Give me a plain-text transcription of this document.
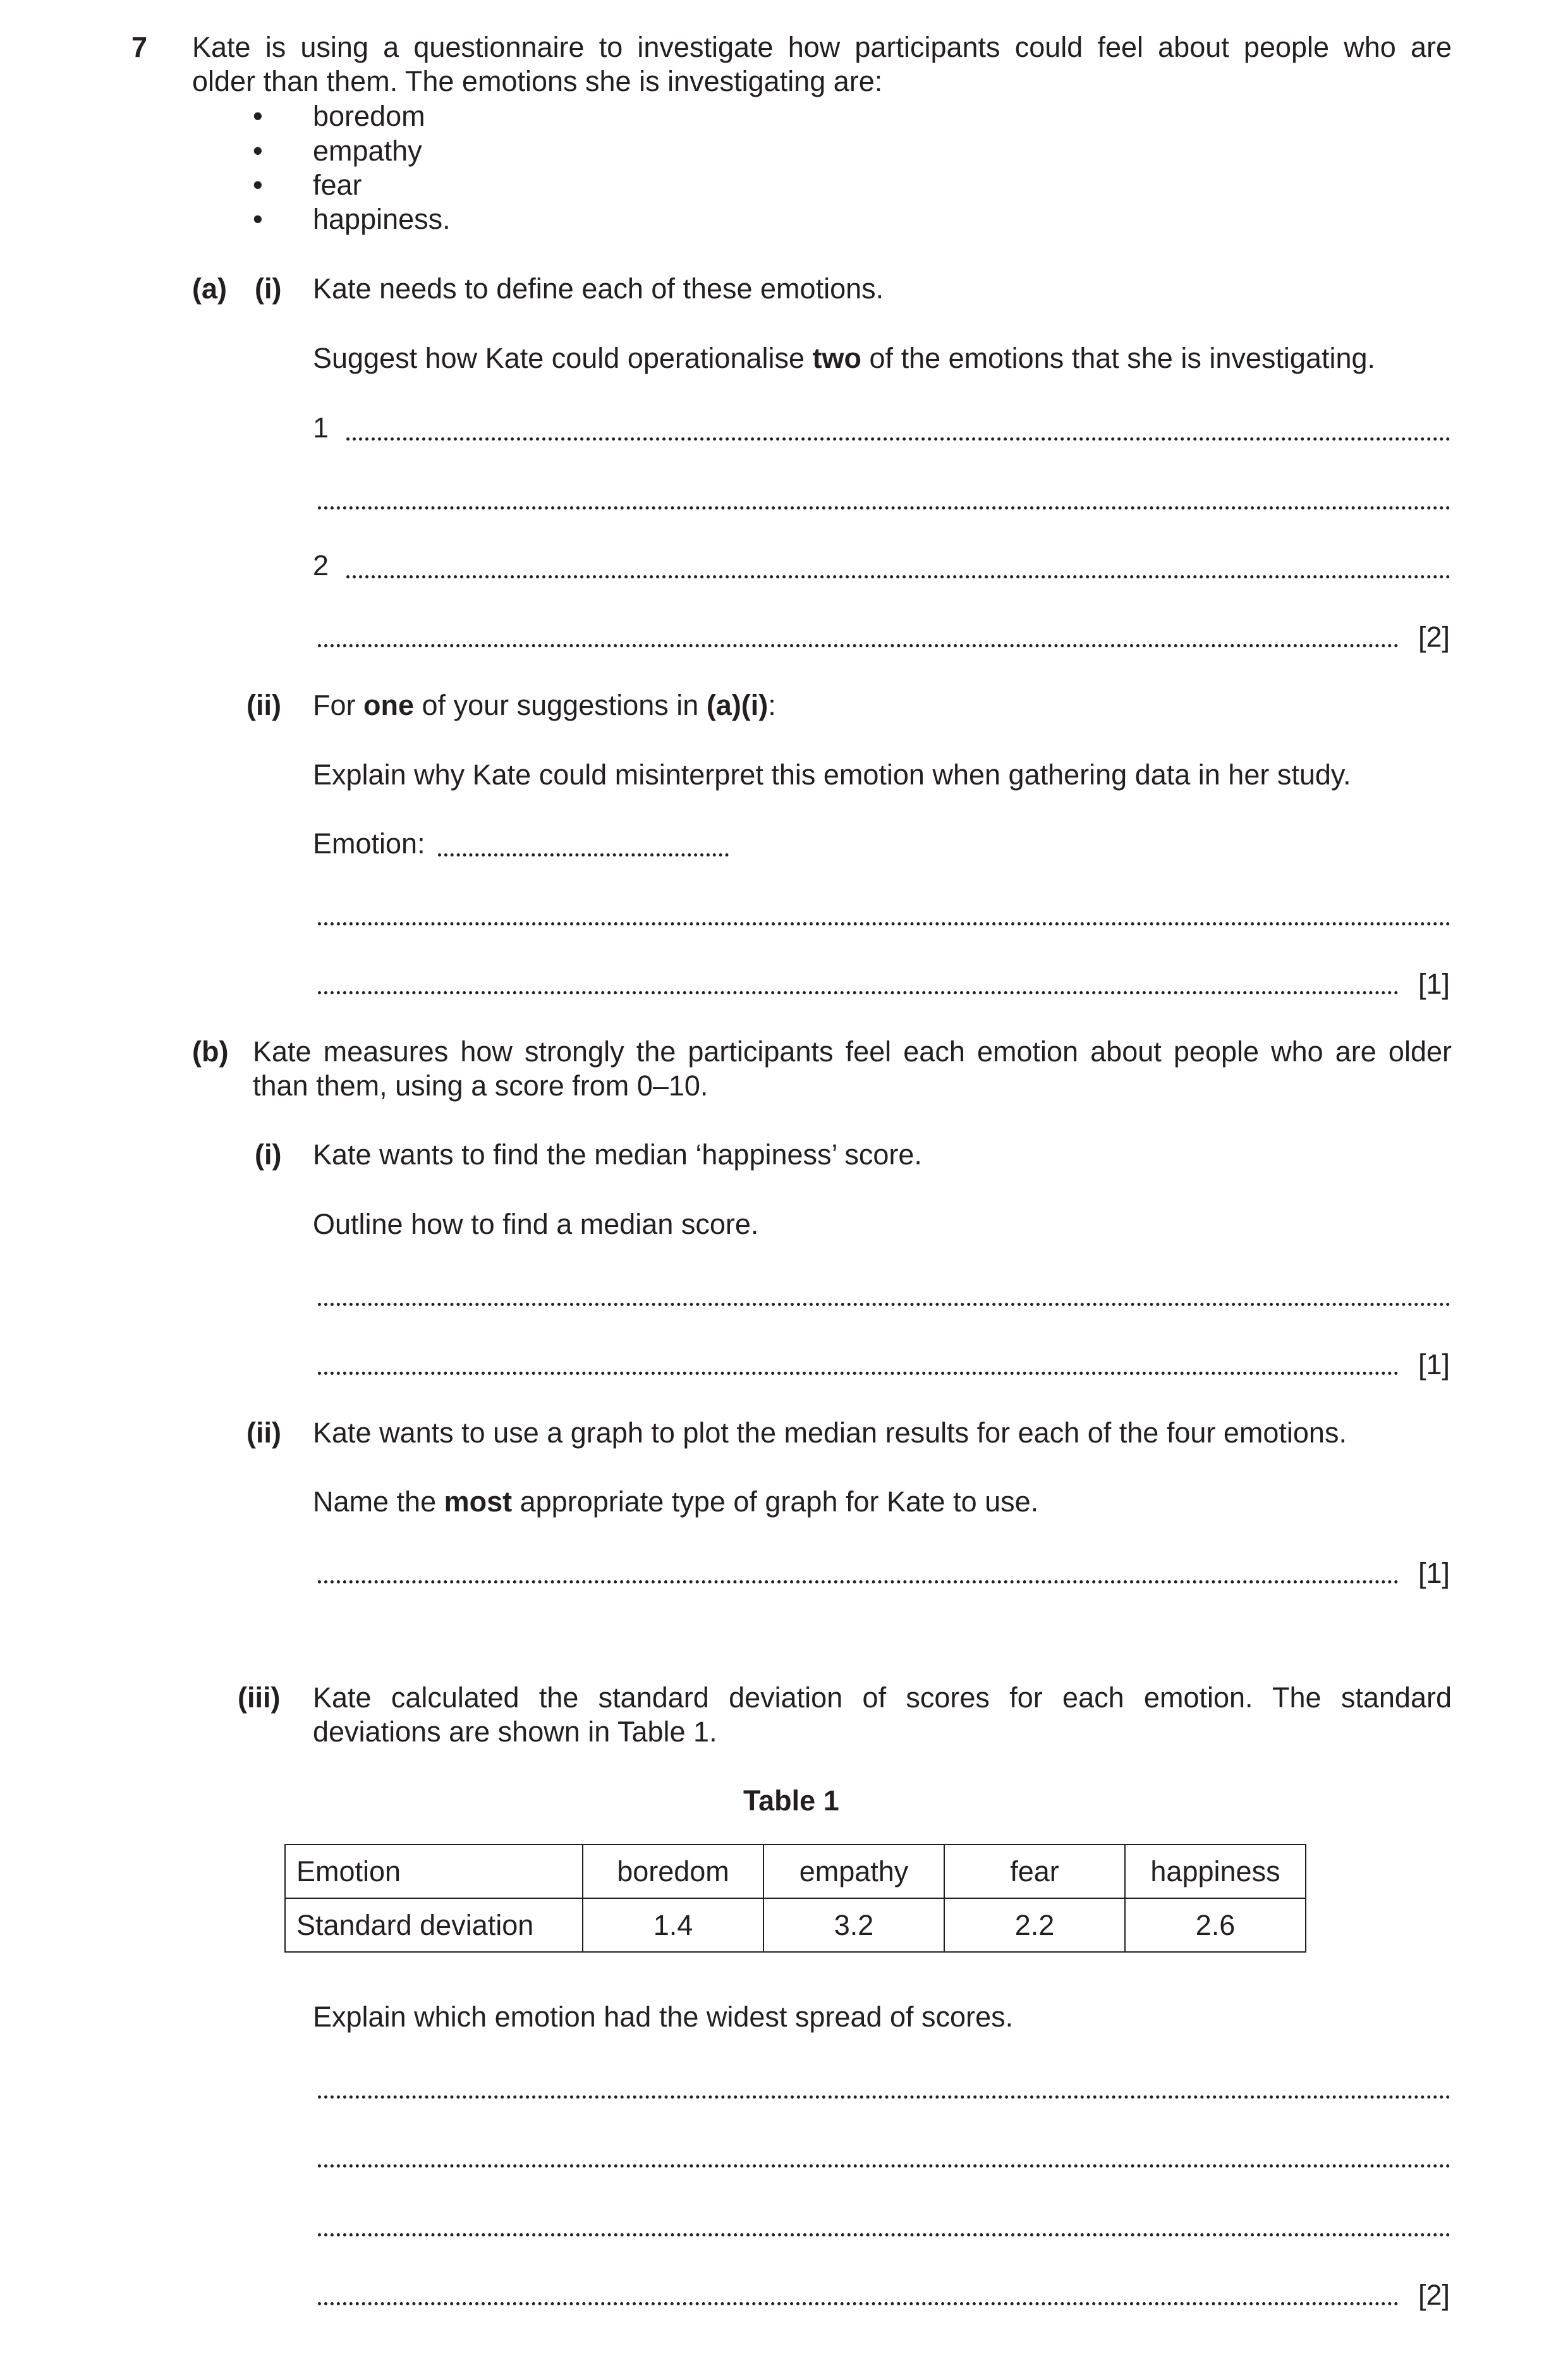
7 Kate is using a questionnaire to investigate how participants could feel about people who are
older than them. The emotions she is investigating are:
• boredom
• empathy
• fear
• happiness.
(a) (i) Kate needs to define each of these emotions.
Suggest how Kate could operationalise two of the emotions that she is investigating.
1
2
[2]
(ii) For one of your suggestions in (a)(i):
Explain why Kate could misinterpret this emotion when gathering data in her study.
Emotion:
[1]
(b) Kate measures how strongly the participants feel each emotion about people who are older
than them, using a score from 0–10.
(i) Kate wants to find the median ‘happiness’ score.
Outline how to find a median score.
[1]
(ii) Kate wants to use a graph to plot the median results for each of the four emotions.
Name the most appropriate type of graph for Kate to use.
[1]
(iii) Kate calculated the standard deviation of scores for each emotion. The standard
deviations are shown in Table 1.
Table 1
Emotion	boredom	empathy	fear	happiness
Standard deviation	1.4	3.2	2.2	2.6
Explain which emotion had the widest spread of scores.
[2]
